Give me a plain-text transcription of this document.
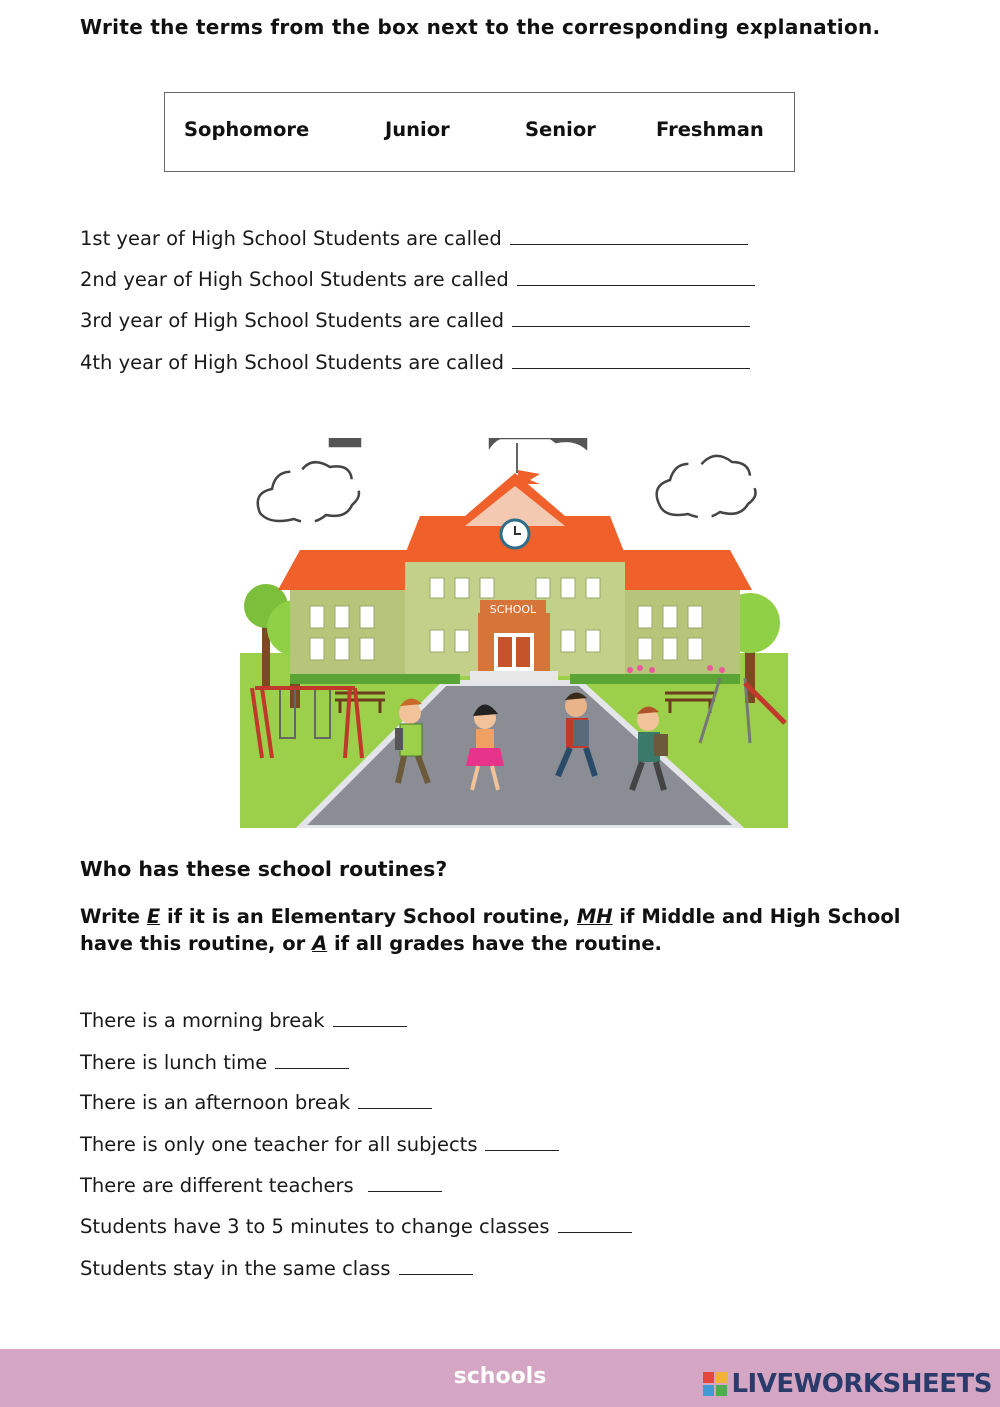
Write the terms from the box next to the corresponding explanation.
Sophomore	Junior	Senior	Freshman
1st year of High School Students are called
2nd year of High School Students are called
3rd year of High School Students are called
4th year of High School Students are called
SCHOOL
Who has these school routines?
Write E if it is an Elementary School routine, MH if Middle and High School have this routine, or A if all grades have the routine.
There is a morning break
There is lunch time
There is an afternoon break
There is only one teacher for all subjects
There are different teachers
Students have 3 to 5 minutes to change classes
Students stay in the same class
schools	LIVEWORKSHEETS
